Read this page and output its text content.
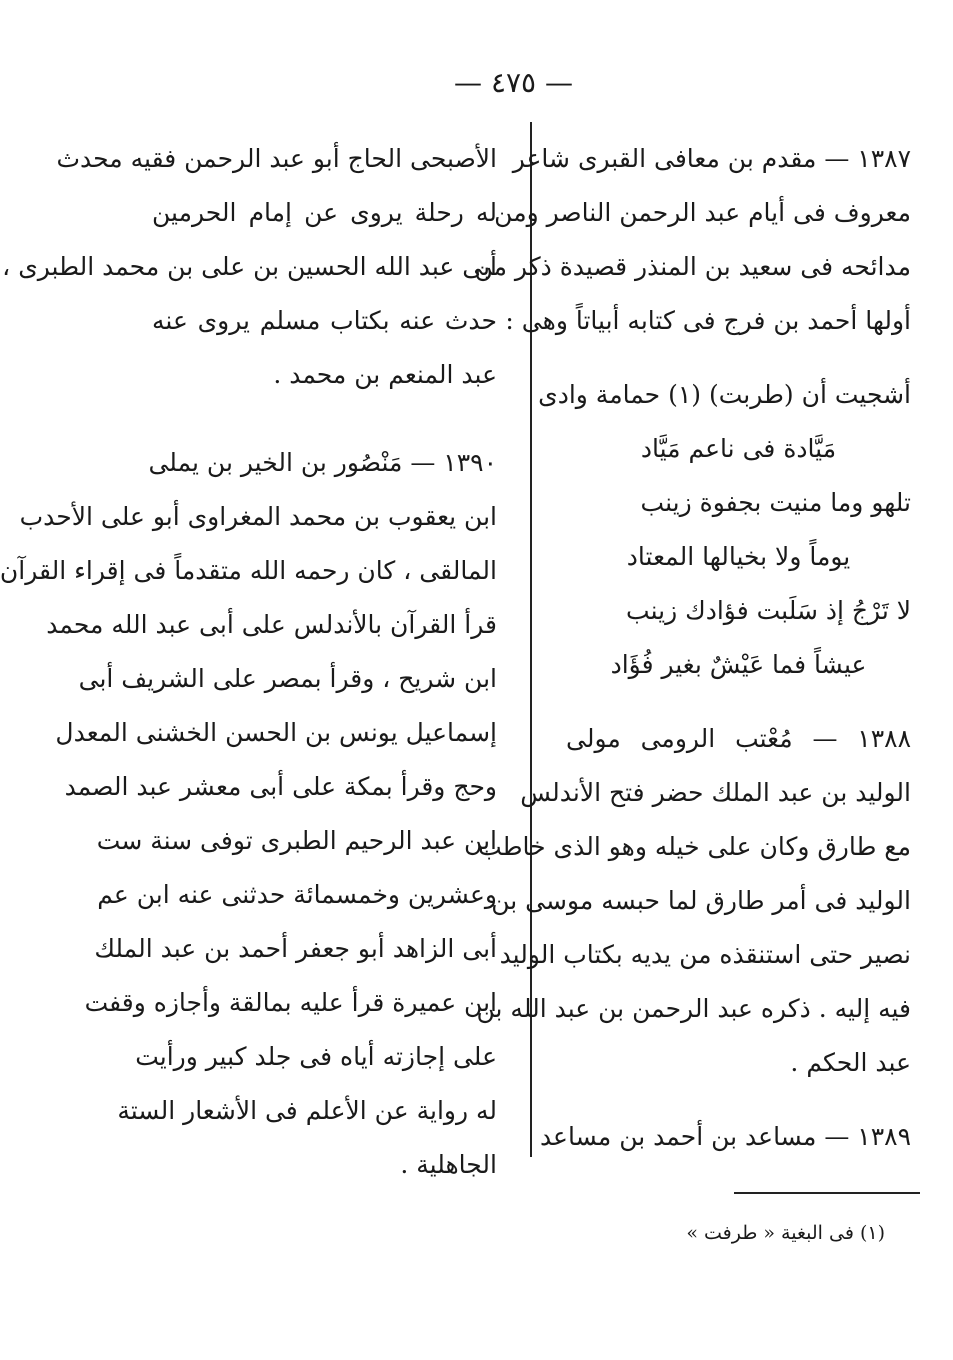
— ٤٧٥ —
١٣٨٧ — مقدم بن معافى القبرى شاعر
معروف فى أيام عبد الرحمن الناصر ومن
مدائحه فى سعيد بن المنذر قصيدة ذكر من
أولها أحمد بن فرج فى كتابه أبياتاً وهى :
أشجيت أن (طربت) (١) حمامة وادى
مَيَّادة فى ناعم مَيَّاد
تلهو وما منيت بجفوة زينب
يوماً ولا بخيالها المعتاد
لا تَرْجُ إذ سَلَبت فؤادك زينب
عيشاً فما عَيْشٌ بغير فُؤَاد
١٣٨٨ — مُعْتب الرومى مولى
الوليد بن عبد الملك حضر فتح الأندلس
مع طارق وكان على خيله وهو الذى خاطب
الوليد فى أمر طارق لما حبسه موسى بن
نصير حتى استنقذه من يديه بكتاب الوليد
فيه إليه . ذكره عبد الرحمن بن عبد الله بن
عبد الحكم .
١٣٨٩ — مساعد بن أحمد بن مساعد
الأصبحى الحاج أبو عبد الرحمن فقيه محدث
له رحلة يروى عن إمام الحرمين
أبى عبد الله الحسين بن على بن محمد الطبرى ،
حدث عنه بكتاب مسلم يروى عنه
عبد المنعم بن محمد .
١٣٩٠ — مَنْصُور بن الخير بن يملى
ابن يعقوب بن محمد المغراوى أبو على الأحدب
المالقى ، كان رحمه الله متقدماً فى إقراء القرآن
قرأ القرآن بالأندلس على أبى عبد الله محمد
ابن شريح ، وقرأ بمصر على الشريف أبى
إسماعيل يونس بن الحسن الخشنى المعدل
وحج وقرأ بمكة على أبى معشر عبد الصمد
ابن عبد الرحيم الطبرى توفى سنة ست
وعشرين وخمسمائة حدثنى عنه ابن عم
أبى الزاهد أبو جعفر أحمد بن عبد الملك
ابن عميرة قرأ عليه بمالقة وأجازه وقفت
على إجازته أياه فى جلد كبير ورأيت
له رواية عن الأعلم فى الأشعار الستة
الجاهلية .
(١) فى البغية « طرفت »
